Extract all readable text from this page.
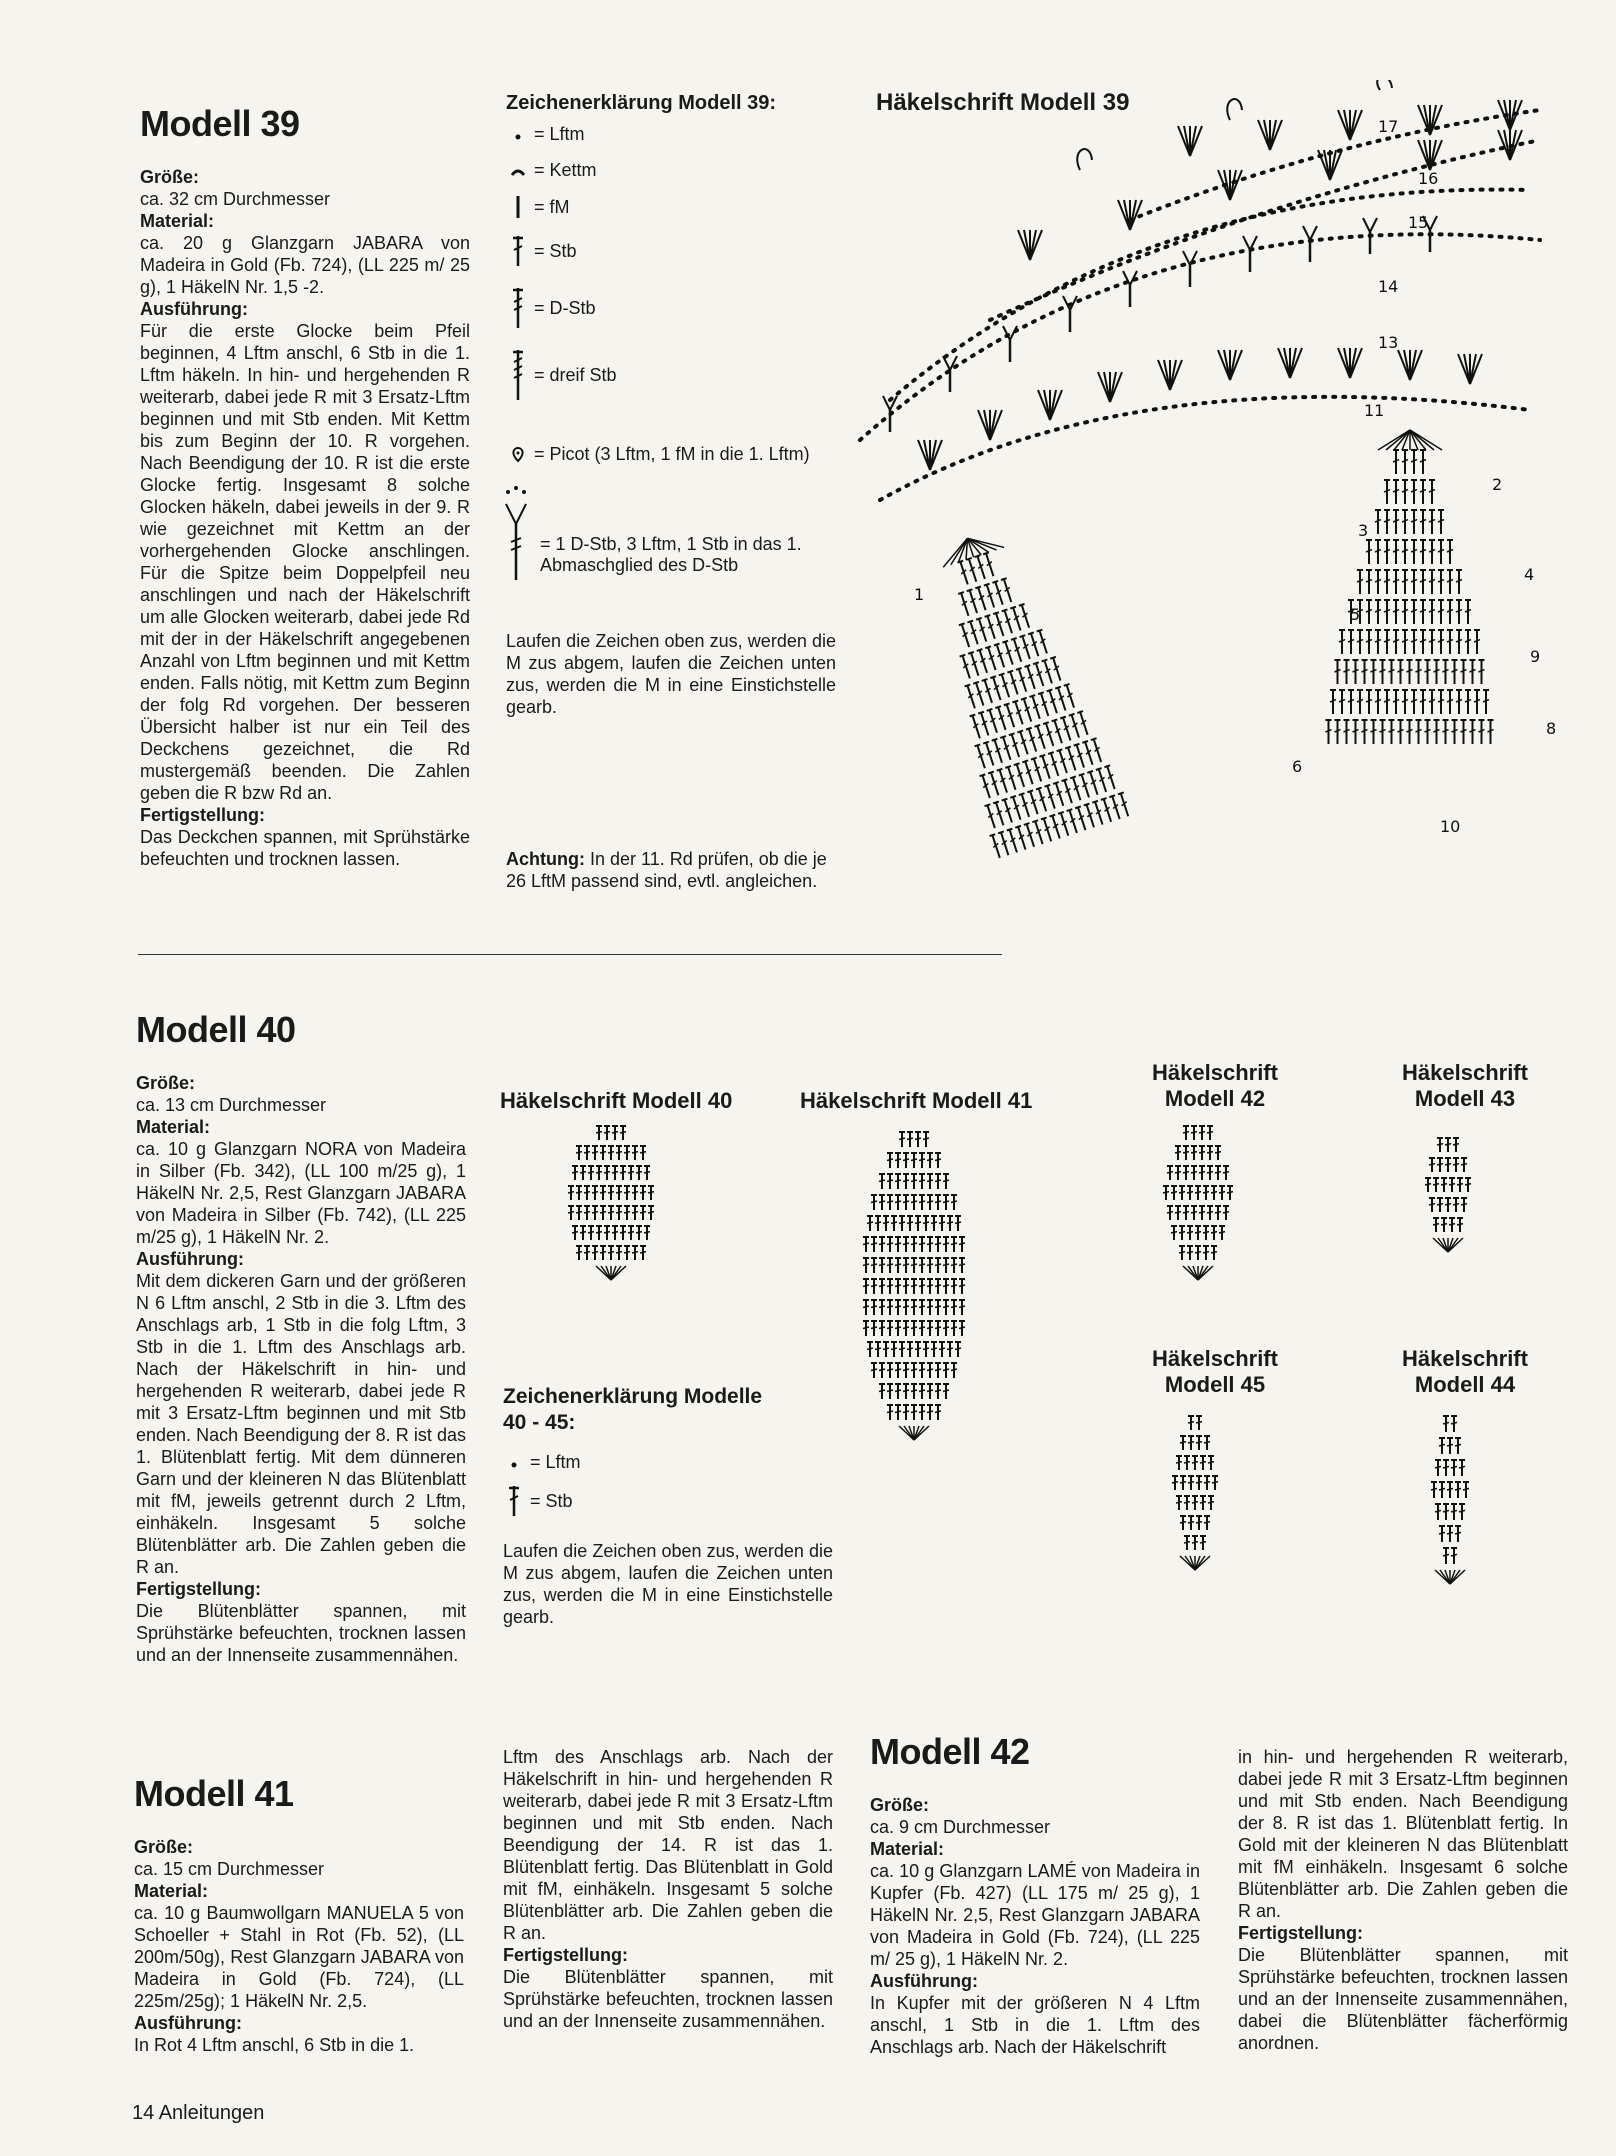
Modell 39

Größe:

ca. 32 cm Durchmesser

Material:

ca. 20 g Glanzgarn JABARA von Madeira in Gold (Fb. 724), (LL 225 m/ 25 g), 1 HäkelN Nr. 1,5 -2.

Ausführung:

Für die erste Glocke beim Pfeil beginnen, 4 Lftm anschl, 6 Stb in die 1. Lftm häkeln. In hin- und hergehenden R weiterarb, dabei jede R mit 3 Ersatz-Lftm beginnen und mit Stb enden. Mit Kettm bis zum Beginn der 10. R vorgehen. Nach Beendigung der 10. R ist die erste Glocke fertig. Insgesamt 8 solche Glocken häkeln, dabei jeweils in der 9. R wie gezeichnet mit Kettm an der vorhergehenden Glocke anschlingen. Für die Spitze beim Doppelpfeil neu anschlingen und nach der Häkelschrift um alle Glocken weiterarb, dabei jede Rd mit der in der Häkelschrift angegebenen Anzahl von Lftm beginnen und mit Kettm enden. Falls nötig, mit Kettm zum Beginn der folg Rd vorgehen. Der besseren Übersicht halber ist nur ein Teil des Deckchens gezeichnet, die Rd mustergemäß beenden. Die Zahlen geben die R bzw Rd an.

Fertigstellung:

Das Deckchen spannen, mit Sprühstärke befeuchten und trocknen lassen.

Zeichenerklärung Modell 39:
= Lftm
= Kettm
= fM
= Stb
= D-Stb
= dreif Stb
= Picot (3 Lftm, 1 fM in die 1. Lftm)
= 1 D-Stb, 3 Lftm, 1 Stb in das 1. Abmaschglied des D-Stb
Laufen die Zeichen oben zus, werden die M zus abgem, laufen die Zeichen unten zus, werden die M in eine Einstichstelle gearb.
Achtung: In der 11. Rd prüfen, ob die je 26 LftM passend sind, evtl. angleichen.
Häkelschrift Modell 39
17
16
15
14
13
11
2
3
4
5
9
8
6
10
1
Modell 40

Größe:

ca. 13 cm Durchmesser

Material:

ca. 10 g Glanzgarn NORA von Madeira in Silber (Fb. 342), (LL 100 m/25 g), 1 HäkelN Nr. 2,5, Rest Glanzgarn JABARA von Madeira in Silber (Fb. 742), (LL 225 m/25 g), 1 HäkelN Nr. 2.

Ausführung:

Mit dem dickeren Garn und der größeren N 6 Lftm anschl, 2 Stb in die 3. Lftm des Anschlags arb, 1 Stb in die folg Lftm, 3 Stb in die 1. Lftm des Anschlags arb. Nach der Häkelschrift in hin- und hergehenden R weiterarb, dabei jede R mit 3 Ersatz-Lftm beginnen und mit Stb enden. Nach Beendigung der 8. R ist das 1. Blütenblatt fertig. Mit dem dünneren Garn und der kleineren N das Blütenblatt mit fM, jeweils getrennt durch 2 Lftm, einhäkeln. Insgesamt 5 solche Blütenblätter arb. Die Zahlen geben die R an.

Fertigstellung:

Die Blütenblätter spannen, mit Sprühstärke befeuchten, trocknen lassen und an der Innenseite zusammennähen.

Häkelschrift Modell 40	Häkelschrift Modell 41
Häkelschrift Modell 42
Häkelschrift Modell 43
Häkelschrift Modell 45
Häkelschrift Modell 44
Zeichenerklärung Modelle 40 - 45:
= Lftm
= Stb
Laufen die Zeichen oben zus, werden die M zus abgem, laufen die Zeichen unten zus, werden die M in eine Einstichstelle gearb.
Modell 41

Größe:

ca. 15 cm Durchmesser

Material:

ca. 10 g Baumwollgarn MANUELA 5 von Schoeller + Stahl in Rot (Fb. 52), (LL 200m/50g), Rest Glanzgarn JABARA von Madeira in Gold (Fb. 724), (LL 225m/25g); 1 HäkelN Nr. 2,5.

Ausführung:

In Rot 4 Lftm anschl, 6 Stb in die 1.

Lftm des Anschlags arb. Nach der Häkelschrift in hin- und hergehenden R weiterarb, dabei jede R mit 3 Ersatz-Lftm beginnen und mit Stb enden. Nach Beendigung der 14. R ist das 1. Blütenblatt fertig. Das Blütenblatt in Gold mit fM, einhäkeln. Insgesamt 5 solche Blütenblätter arb. Die Zahlen geben die R an.

Fertigstellung:

Die Blütenblätter spannen, mit Sprühstärke befeuchten, trocknen lassen und an der Innenseite zusammennähen.

Modell 42

Größe:

ca. 9 cm Durchmesser

Material:

ca. 10 g Glanzgarn LAMÉ von Madeira in Kupfer (Fb. 427) (LL 175 m/ 25 g), 1 HäkelN Nr. 2,5, Rest Glanzgarn JABARA von Madeira in Gold (Fb. 724), (LL 225 m/ 25 g), 1 HäkelN Nr. 2.

Ausführung:

In Kupfer mit der größeren N 4 Lftm anschl, 1 Stb in die 1. Lftm des Anschlags arb. Nach der Häkelschrift

in hin- und hergehenden R weiterarb, dabei jede R mit 3 Ersatz-Lftm beginnen und mit Stb enden. Nach Beendigung der 8. R ist das 1. Blütenblatt fertig. In Gold mit der kleineren N das Blütenblatt mit fM einhäkeln. Insgesamt 6 solche Blütenblätter arb. Die Zahlen geben die R an.

Fertigstellung:

Die Blütenblätter spannen, mit Sprühstärke befeuchten, trocknen lassen und an der Innenseite zusammennähen, dabei die Blütenblätter fächerförmig anordnen.

14 Anleitungen
